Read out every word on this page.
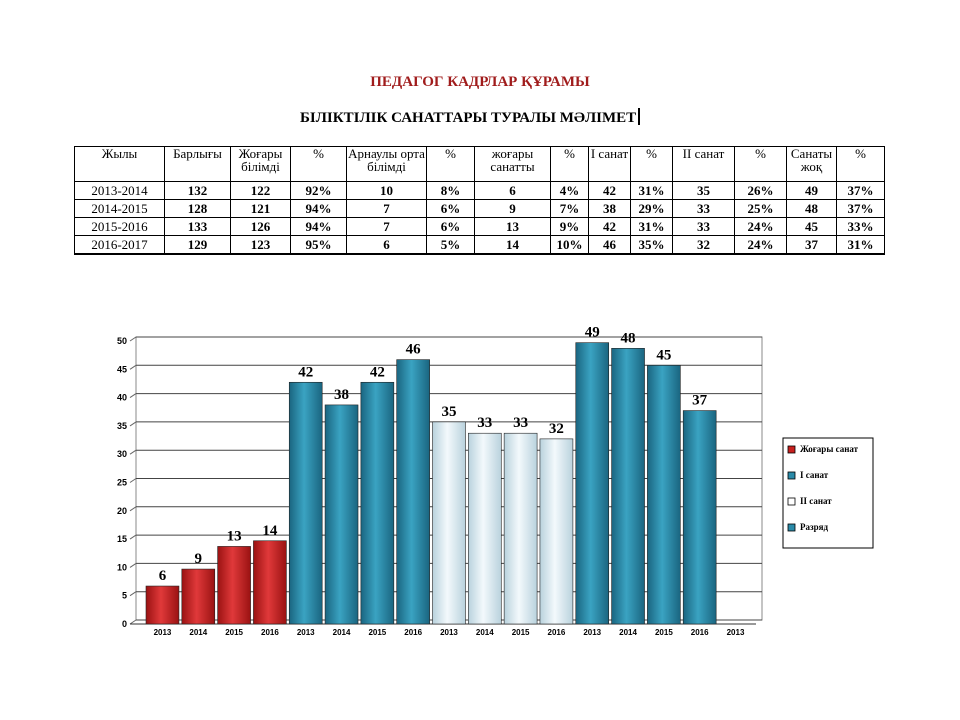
ПЕДАГОГ КАДРЛАР ҚҰРАМЫ
БІЛІКТІЛІК САНАТТАРЫ ТУРАЛЫ МӘЛІМЕТ
Жылы	Барлығы	Жоғары білімді	%	Арнаулы орта білімді	%	жоғары санатты	%	I санат	%	II санат	%	Санаты жоқ	%
2013-2014	132	122	92%	10	8%	6	4%	42	31%	35	26%	49	37%
2014-2015	128	121	94%	7	6%	9	7%	38	29%	33	25%	48	37%
2015-2016	133	126	94%	7	6%	13	9%	42	31%	33	24%	45	33%
2016-2017	129	123	95%	6	5%	14	10%	46	35%	32	24%	37	31%
0
5
10
15
20
25
30
35
40
45
50
6
9
13 14
42
38
42
46
35
33 33 32
49 48
45
37
2013 2014 2015 2016 2013 2014 2015 2016 2013 2014 2015 2016 2013 2014 2015 2016 2013
Жоғары санат
I санат
II санат
Разряд
